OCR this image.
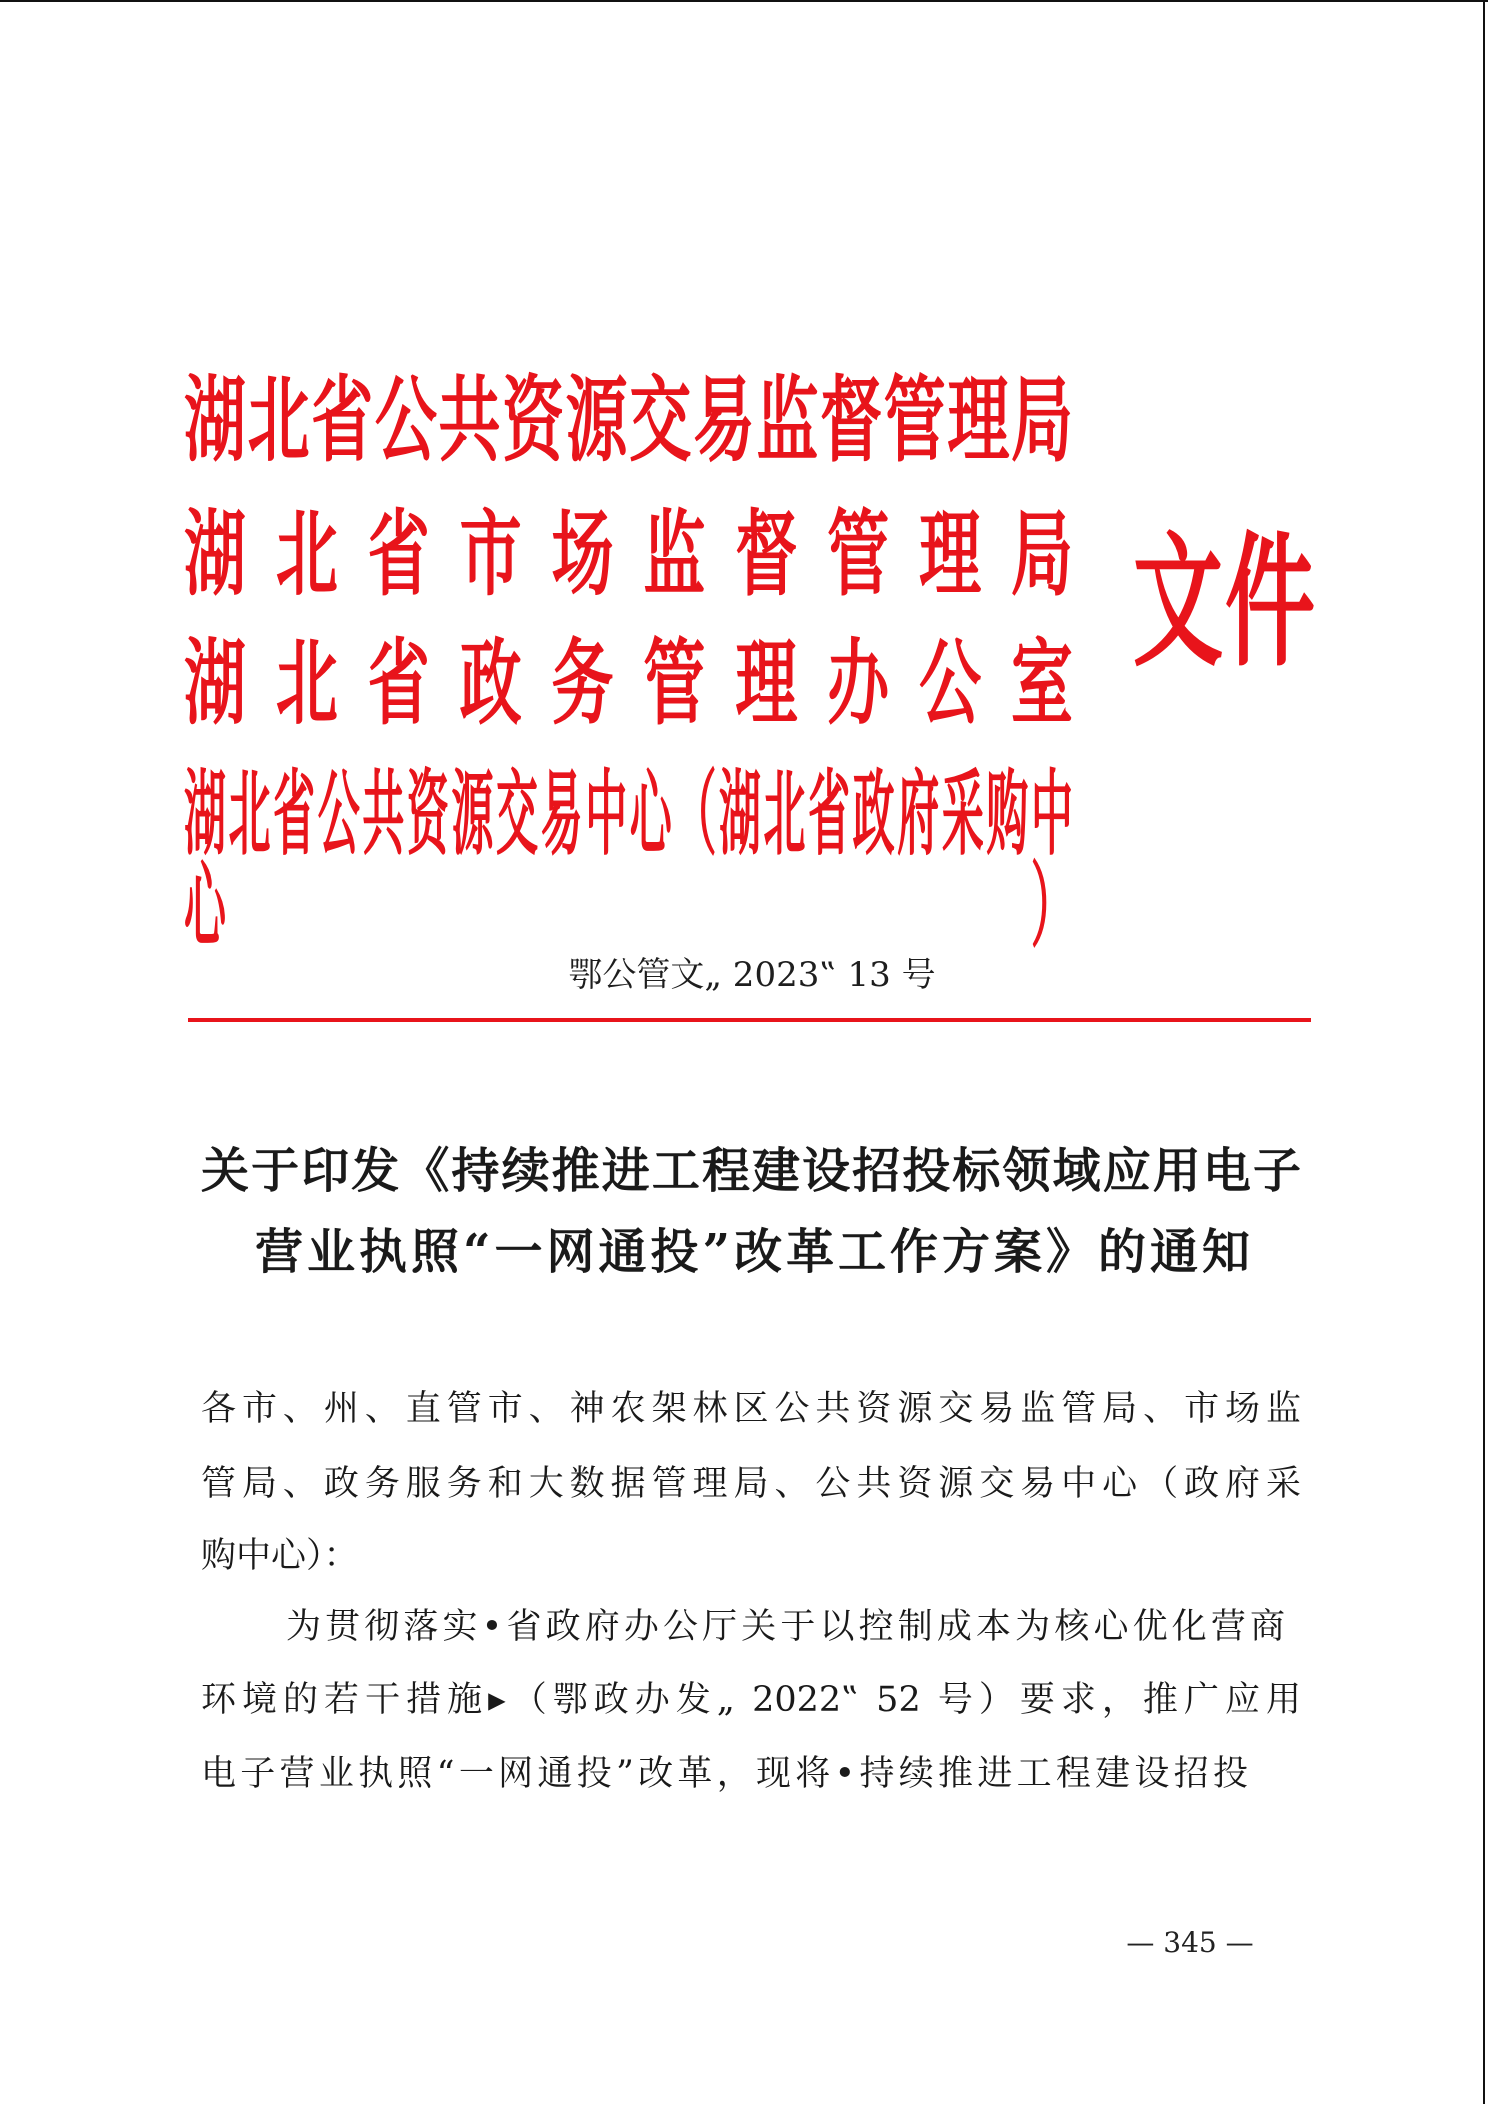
湖北省公共资源交易监督管理局
湖北省市场监督管理局
湖北省政务管理办公室
湖北省公共资源交易中心（湖北省政府采购中心）
文件
鄂公管文„ 2023‟ 13 号
关于印发《持续推进工程建设招投标领域应用电子
营业执照“一网通投”改革工作方案》的通知
各市、州、直管市、神农架林区公共资源交易监管局、市场监
管局、政务服务和大数据管理局、公共资源交易中心（政府采
购中心）：
为贯彻落实•省政府办公厅关于以控制成本为核心优化营商
环境的若干措施▸（鄂政办发„ 2022‟ 52 号）要求，推广应用
电子营业执照“一网通投”改革，现将•持续推进工程建设招投
— 345 —
